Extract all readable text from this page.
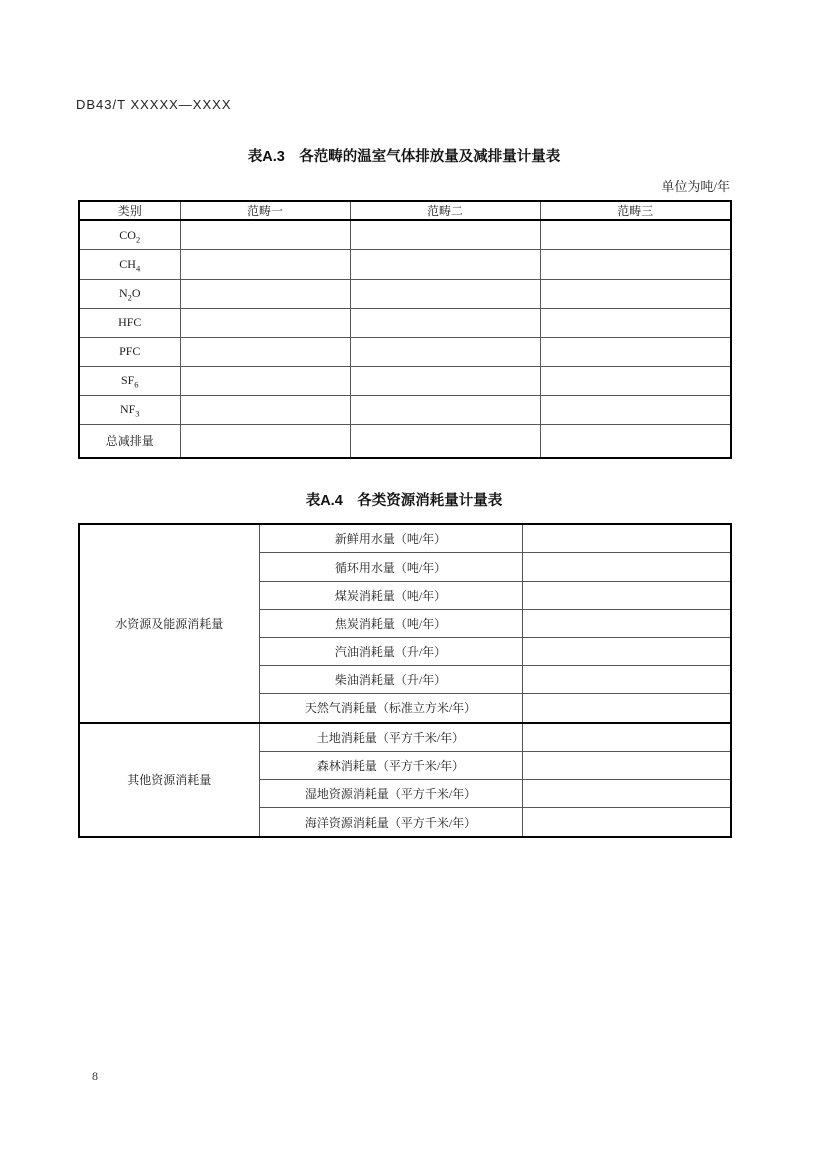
DB43/T XXXXX—XXXX
表A.3　各范畴的温室气体排放量及减排量计量表
单位为吨/年
类别	范畴一	范畴二	范畴三
$CO_2$			
$CH_4$			
$N_2O$			
HFC			
PFC			
$SF_6$			
$NF_3$			
总减排量			
表A.4　各类资源消耗量计量表
水资源及能源消耗量	新鲜用水量（吨/年）	
	循环用水量（吨/年）	
	煤炭消耗量（吨/年）	
	焦炭消耗量（吨/年）	
	汽油消耗量（升/年）	
	柴油消耗量（升/年）	
	天然气消耗量（标准立方米/年）	
其他资源消耗量	土地消耗量（平方千米/年）	
	森林消耗量（平方千米/年）	
	湿地资源消耗量（平方千米/年）	
	海洋资源消耗量（平方千米/年）	
8
